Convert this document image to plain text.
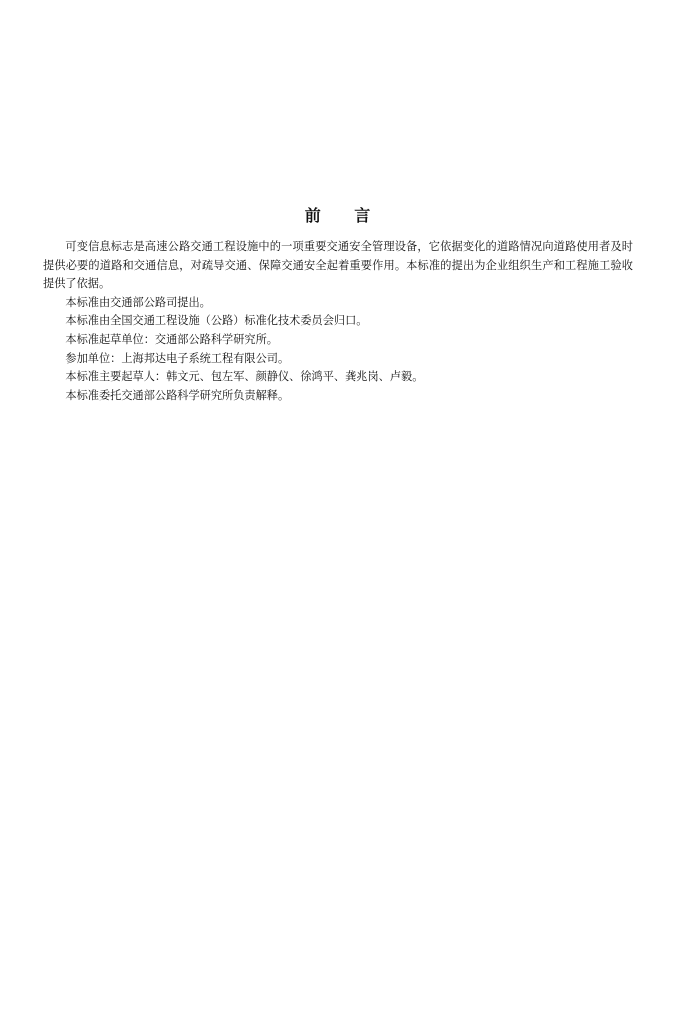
前      言

可变信息标志是高速公路交通工程设施中的一项重要交通安全管理设备，它依据变化的道路情况向道路使用者及时提供必要的道路和交通信息，对疏导交通、保障交通安全起着重要作用。本标准的提出为企业组织生产和工程施工验收提供了依据。

本标准由交通部公路司提出。

本标准由全国交通工程设施（公路）标准化技术委员会归口。

本标准起草单位：交通部公路科学研究所。

参加单位：上海邦达电子系统工程有限公司。

本标准主要起草人：韩文元、包左军、颜静仪、徐鸿平、龚兆岗、卢毅。

本标准委托交通部公路科学研究所负责解释。
